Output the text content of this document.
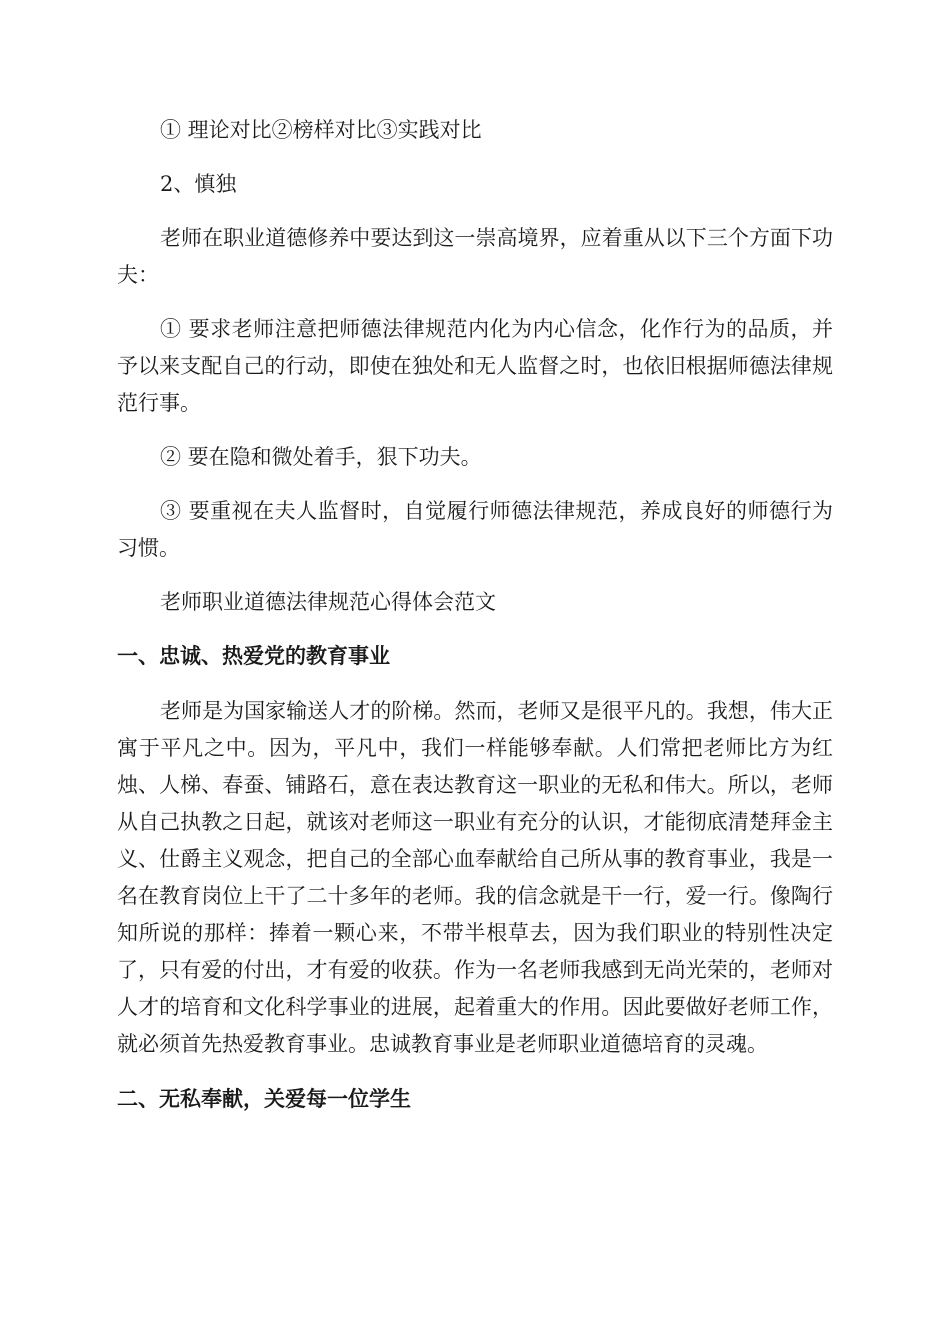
① 理论对比②榜样对比③实践对比

2、慎独

老师在职业道德修养中要达到这一崇高境界，应着重从以下三个方面下功夫：

① 要求老师注意把师德法律规范内化为内心信念，化作行为的品质，并予以来支配自己的行动，即使在独处和无人监督之时，也依旧根据师德法律规范行事。

② 要在隐和微处着手，狠下功夫。

③ 要重视在夫人监督时，自觉履行师德法律规范，养成良好的师德行为习惯。

老师职业道德法律规范心得体会范文

一、忠诚、热爱党的教育事业

老师是为国家输送人才的阶梯。然而，老师又是很平凡的。我想，伟大正寓于平凡之中。因为，平凡中，我们一样能够奉献。人们常把老师比方为红烛、人梯、春蚕、铺路石，意在表达教育这一职业的无私和伟大。所以，老师从自己执教之日起，就该对老师这一职业有充分的认识，才能彻底清楚拜金主义、仕爵主义观念，把自己的全部心血奉献给自己所从事的教育事业，我是一名在教育岗位上干了二十多年的老师。我的信念就是干一行，爱一行。像陶行知所说的那样：捧着一颗心来，不带半根草去，因为我们职业的特别性决定了，只有爱的付出，才有爱的收获。作为一名老师我感到无尚光荣的，老师对人才的培育和文化科学事业的进展，起着重大的作用。因此要做好老师工作，就必须首先热爱教育事业。忠诚教育事业是老师职业道德培育的灵魂。

二、无私奉献，关爱每一位学生
